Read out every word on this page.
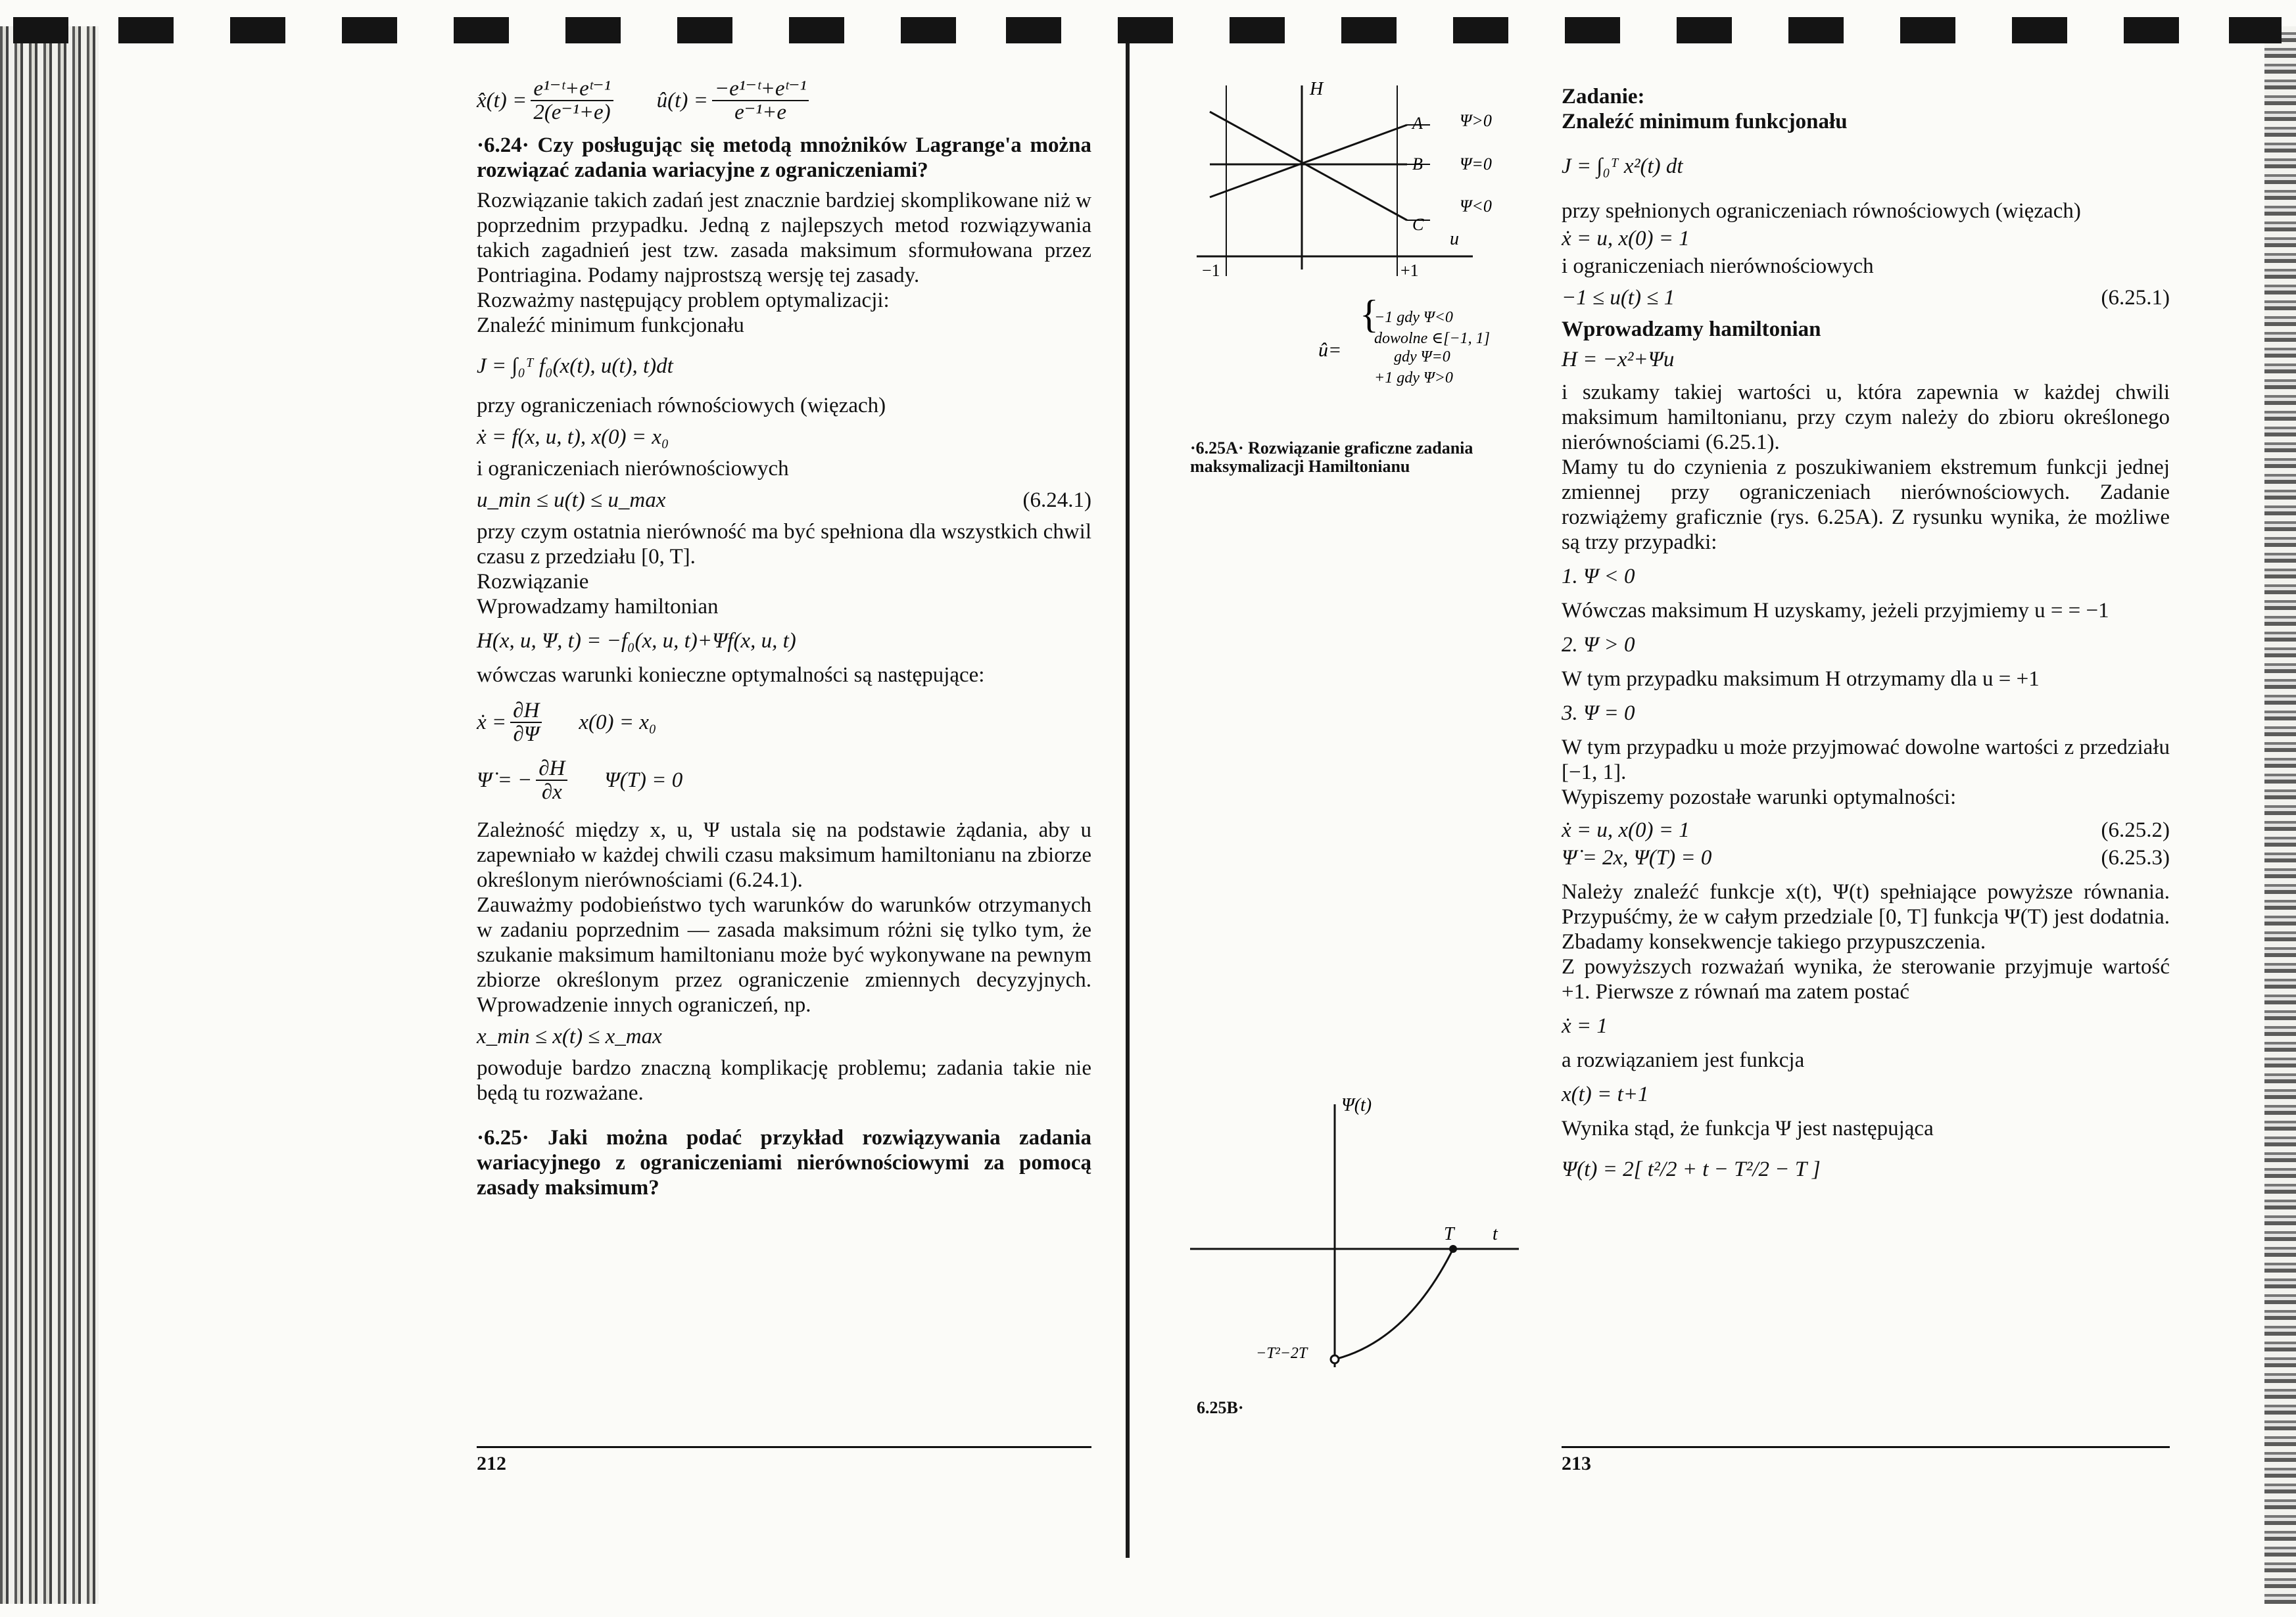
x̂(t) = $\frac{\text{e¹⁻ᵗ+eᵗ⁻¹}}{\text{2(e⁻¹+e)}}$ û(t) = $\frac{\text{−e¹⁻ᵗ+eᵗ⁻¹}}{\text{e⁻¹+e}}$

·6.24· Czy posługując się metodą mnożników Lagrange'a można rozwiązać zadania wariacyjne z ograniczeniami?

Rozwiązanie takich zadań jest znacznie bardziej skomplikowane niż w poprzednim przypadku. Jedną z najlepszych metod rozwiązywania takich zagadnień jest tzw. zasada maksimum sformułowana przez Pontriagina. Podamy najprostszą wersję tej zasady.

Rozważmy następujący problem optymalizacji:

Znaleźć minimum funkcjonału

J = ∫₀ᵀ f₀(x(t), u(t), t)dt

przy ograniczeniach równościowych (więzach)

ẋ = f(x, u, t), x(0) = x₀

i ograniczeniach nierównościowych

u_min ≤ u(t) ≤ u_max	(6.24.1)

przy czym ostatnia nierówność ma być spełniona dla wszystkich chwil czasu z przedziału [0, T].

Rozwiązanie

Wprowadzamy hamiltonian

H(x, u, Ψ, t) = −f₀(x, u, t)+Ψf(x, u, t)

wówczas warunki konieczne optymalności są następujące:

ẋ = $\frac{\partial H}{\partial\Psi} x(0) = x_0$
Ψ̇ = − $\frac{\partial H}{\partial x} \Psi(T) = 0$

Zależność między x, u, Ψ ustala się na podstawie żądania, aby u zapewniało w każdej chwili czasu maksimum hamiltonianu na zbiorze określonym nierównościami (6.24.1).

Zauważmy podobieństwo tych warunków do warunków otrzymanych w zadaniu poprzednim — zasada maksimum różni się tylko tym, że szukanie maksimum hamiltonianu może być wykonywane na pewnym zbiorze określonym przez ograniczenie zmiennych decyzyjnych. Wprowadzenie innych ograniczeń, np.

x_min ≤ x(t) ≤ x_max

powoduje bardzo znaczną komplikację problemu; zadania takie nie będą tu rozważane.

·6.25· Jaki można podać przykład rozwiązywania zadania wariacyjnego z ograniczeniami nierównościowymi za pomocą zasady maksimum?

212
H
u
A
B
C
Ψ>0
Ψ=0
Ψ<0
−1	+1
û=
{
−1 gdy Ψ<0
dowolne ∈[−1, 1]
gdy Ψ=0
+1 gdy Ψ>0
·6.25A· Rozwiązanie graficzne zadania maksymalizacji Hamiltonianu
Ψ(t)
t
T
−T²−2T
6.25B·

Zadanie:

Znaleźć minimum funkcjonału

J = ∫₀ᵀ x²(t) dt

przy spełnionych ograniczeniach równościowych (więzach)

ẋ = u, x(0) = 1

i ograniczeniach nierównościowych

−1 ≤ u(t) ≤ 1	(6.25.1)

Wprowadzamy hamiltonian

H = −x²+Ψu

i szukamy takiej wartości u, która zapewnia w każdej chwili maksimum hamiltonianu, przy czym należy do zbioru określonego nierównościami (6.25.1).

Mamy tu do czynienia z poszukiwaniem ekstremum funkcji jednej zmiennej przy ograniczeniach nierównościowych. Zadanie rozwiążemy graficznie (rys. 6.25A). Z rysunku wynika, że możliwe są trzy przypadki:

1. Ψ < 0

Wówczas maksimum H uzyskamy, jeżeli przyjmiemy u = = −1

2. Ψ > 0

W tym przypadku maksimum H otrzymamy dla u = +1

3. Ψ = 0

W tym przypadku u może przyjmować dowolne wartości z przedziału [−1, 1].

Wypiszemy pozostałe warunki optymalności:

ẋ = u, x(0) = 1	(6.25.2)
Ψ̇ = 2x, Ψ(T) = 0	(6.25.3)

Należy znaleźć funkcje x(t), Ψ(t) spełniające powyższe równania. Przypuśćmy, że w całym przedziale [0, T] funkcja Ψ(T) jest dodatnia. Zbadamy konsekwencje takiego przypuszczenia.

Z powyższych rozważań wynika, że sterowanie przyjmuje wartość +1. Pierwsze z równań ma zatem postać

ẋ = 1

a rozwiązaniem jest funkcja

x(t) = t+1

Wynika stąd, że funkcja Ψ jest następująca

Ψ(t) = 2[ t²/2 + t − T²/2 − T ]
213
